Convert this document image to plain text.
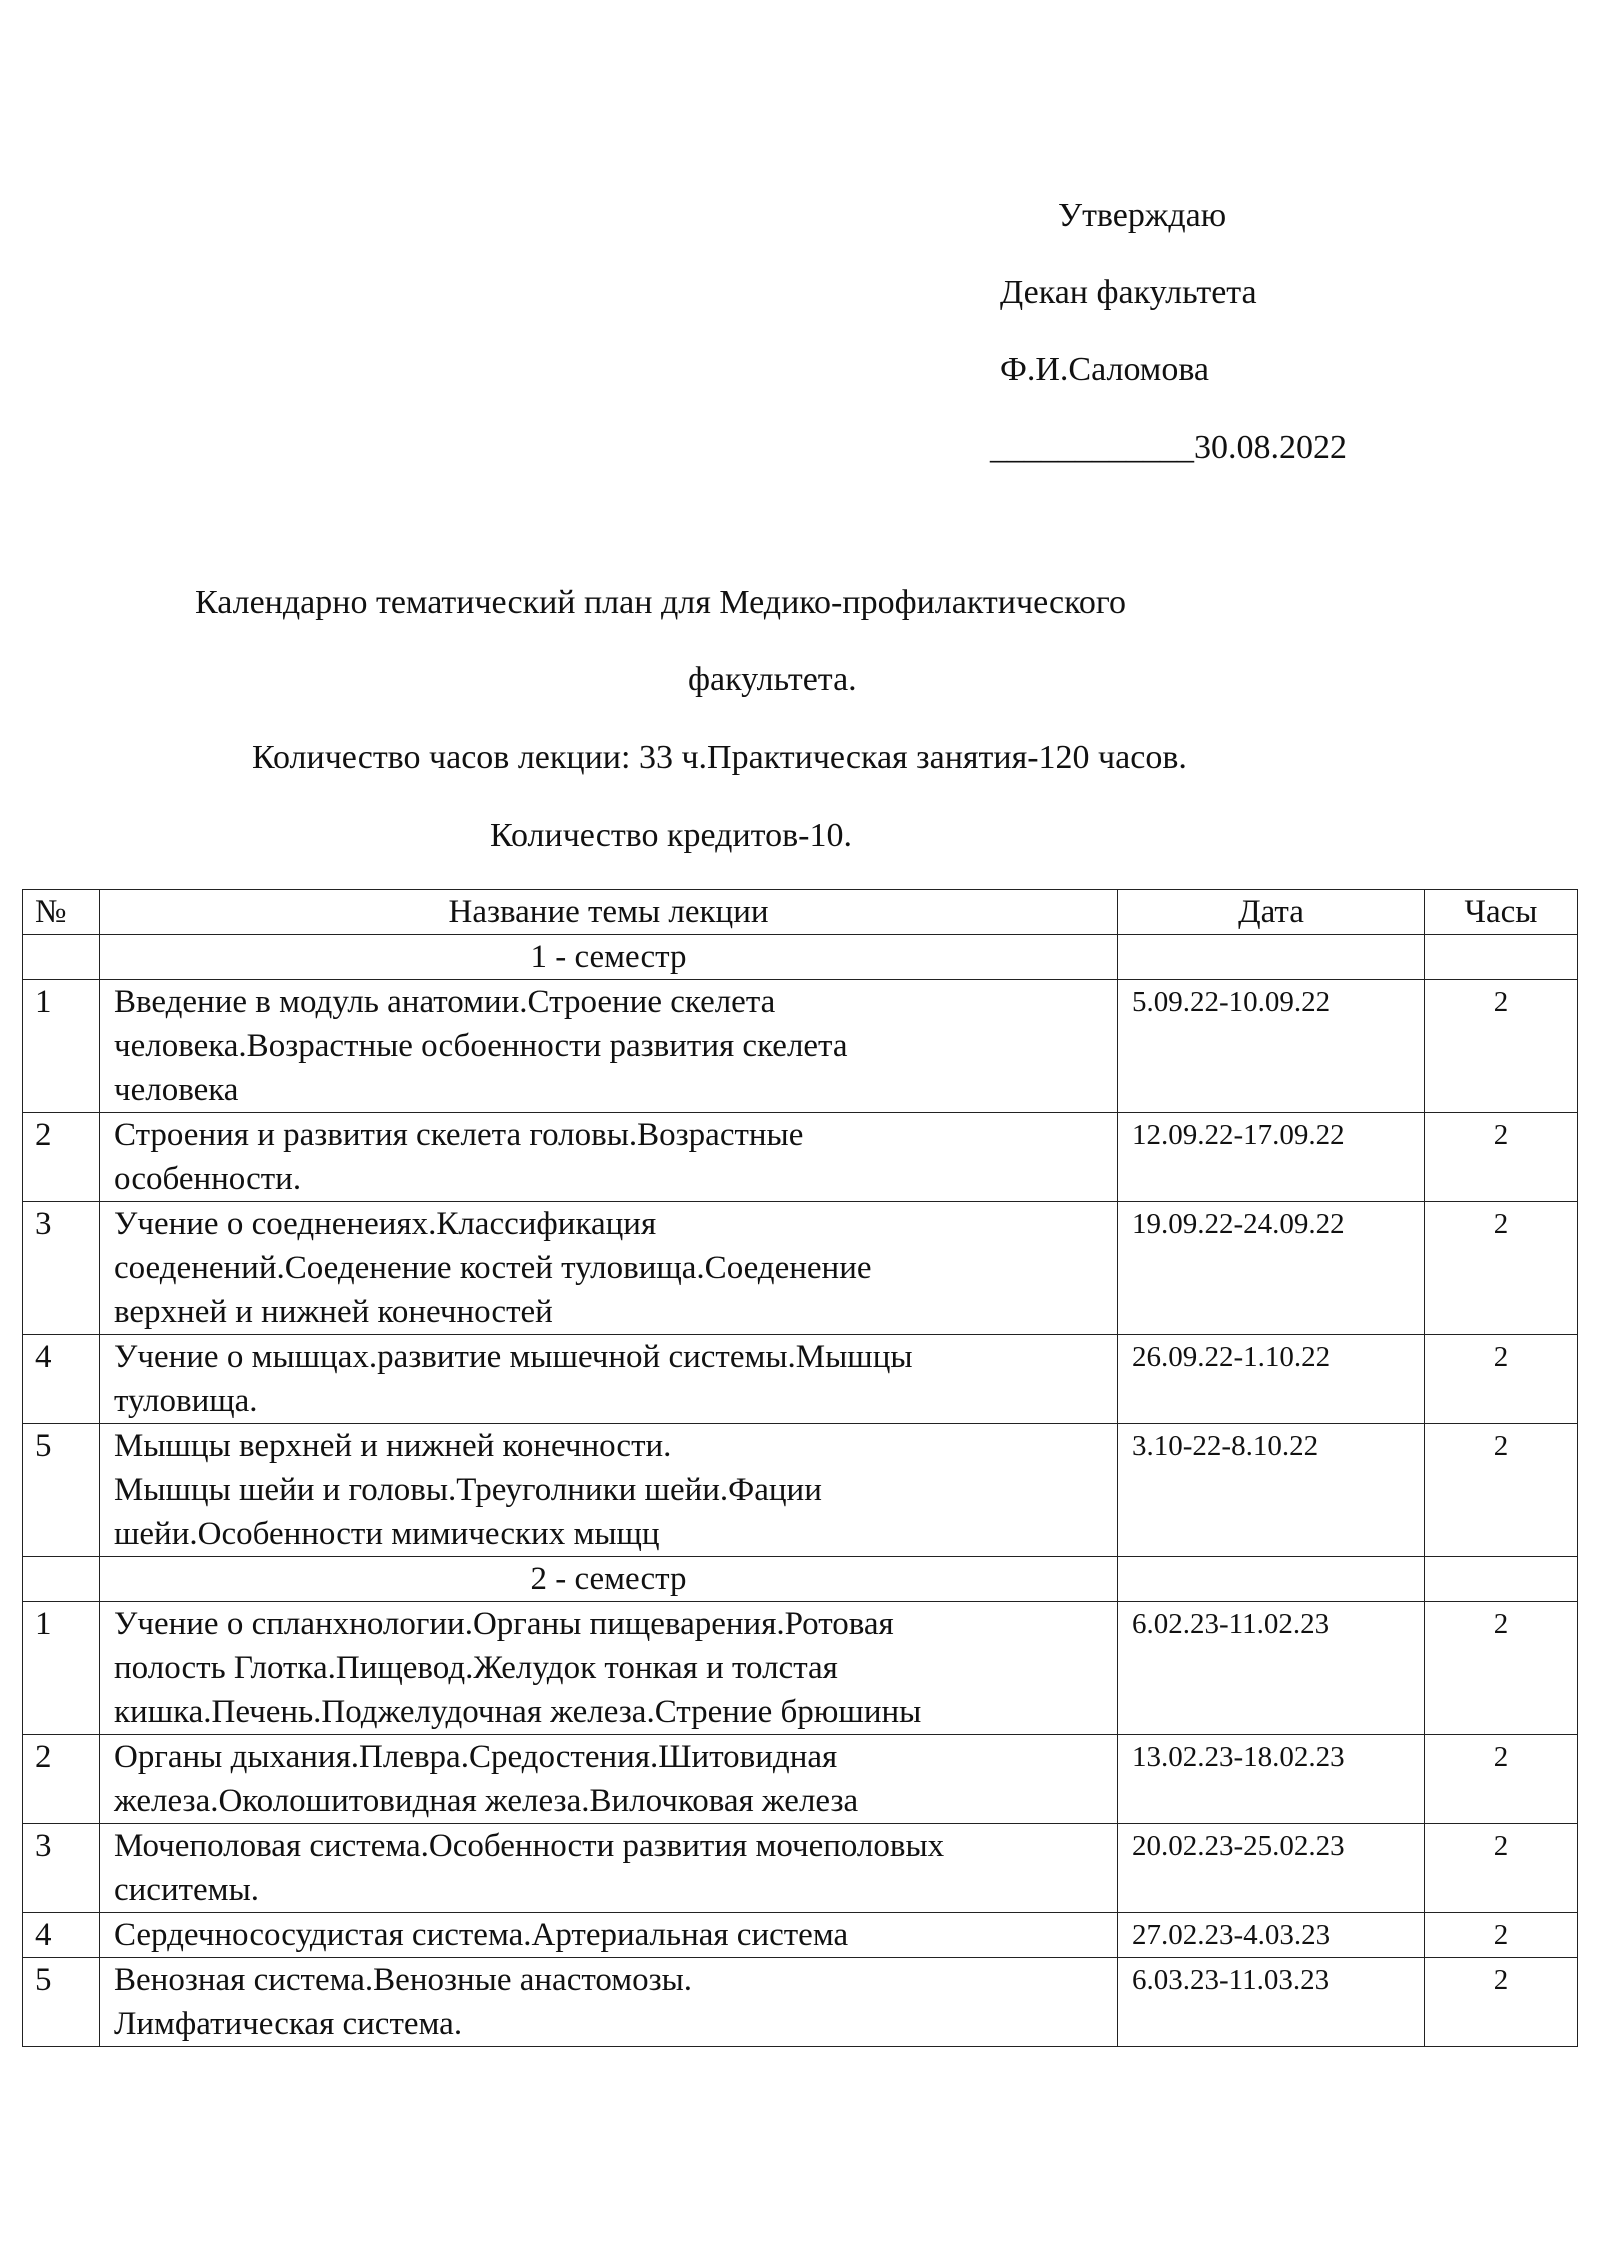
Утверждаю
Декан факультета
Ф.И.Саломова
____________30.08.2022
Календарно тематический план для Медико-профилактического
факультета.
Количество часов лекции: 33 ч.Практическая занятия-120 часов.
Количество кредитов-10.
№	Название темы лекции	Дата	Часы
	1 - семестр		
1	Введение в модуль анатомии.Строение скелета
человека.Возрастные осбоенности развития скелета
человека	5.09.22-10.09.22	2
2	Строения и развития скелета головы.Возрастные
особенности.	12.09.22-17.09.22	2
3	Учение о соедненеиях.Классификация
соеденений.Соеденение костей туловища.Соеденение
верхней и нижней конечностей	19.09.22-24.09.22	2
4	Учение о мышцах.развитие мышечной системы.Мышцы
туловища.	26.09.22-1.10.22	2
5	Мышцы верхней и нижней конечности.
Мышцы шейи и головы.Треуголники шейи.Фации
шейи.Особенности мимических мыщц	3.10-22-8.10.22	2
	2 - семестр		
1	Учение о спланхнологии.Органы пищеварения.Ротовая
полость Глотка.Пищевод.Желудок тонкая и толстая
кишка.Печень.Поджелудочная железа.Стрение брюшины	6.02.23-11.02.23	2
2	Органы дыхания.Плевра.Средостения.Шитовидная
железа.Околошитовидная железа.Вилочковая железа	13.02.23-18.02.23	2
3	Мочеполовая система.Особенности развития мочеполовых
сиситемы.	20.02.23-25.02.23	2
4	Сердечнососудистая система.Артериальная система	27.02.23-4.03.23	2
5	Венозная система.Венозные анастомозы.
Лимфатическая система.	6.03.23-11.03.23	2
